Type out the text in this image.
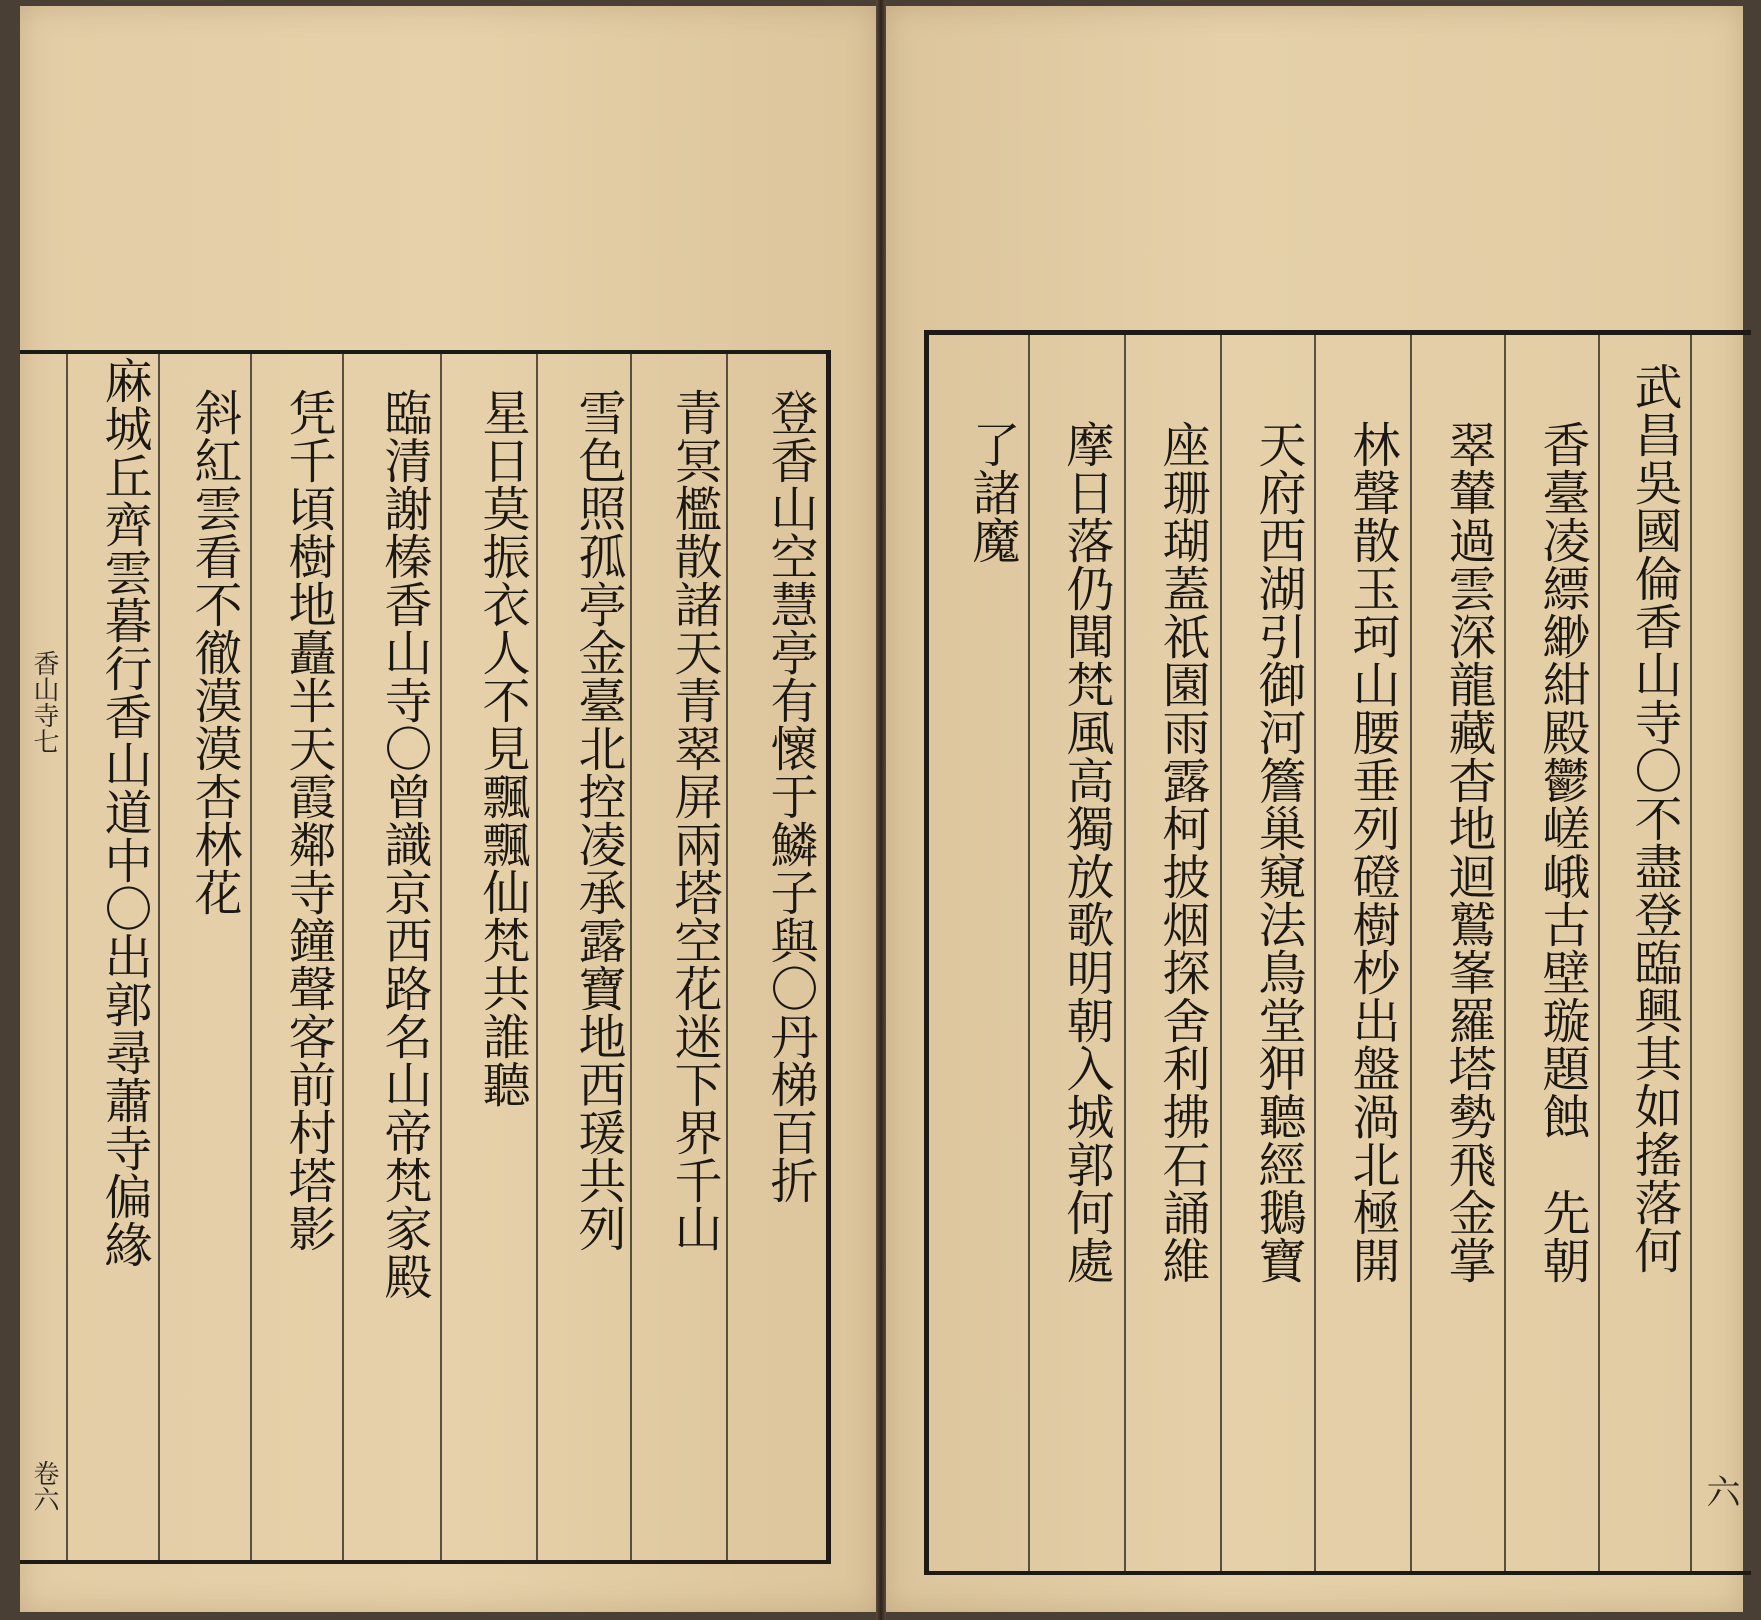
登香山空慧亭有懷于鱗子與〇丹梯百折
青冥檻散諸天青翠屏兩塔空花迷下界千山
雪色照孤亭金臺北控凌承露寶地西瑗共列
星日莫振衣人不見飄飄仙梵共誰聽
臨清謝榛香山寺〇曾識京西路名山帝梵家殿
凭千頃樹地矗半天霞鄰寺鐘聲客前村塔影
斜紅雲看不徹漠漠杏林花
麻城丘齊雲暮行香山道中〇出郭尋蕭寺偏緣
香山寺七
卷六
武昌吳國倫香山寺〇不盡登臨興其如搖落何
香臺凌縹緲紺殿鬱嵯峨古壁璇題蝕　先朝
翠輦過雲深龍藏杳地迴鷲峯羅塔勢飛金掌
林聲散玉珂山腰垂列磴樹杪出盤渦北極開
天府西湖引御河簷巢窺法鳥堂狎聽經鵝寶
座珊瑚蓋祇園雨露柯披烟探舍利拂石誦維
摩日落仍聞梵風高獨放歌明朝入城郭何處
了諸魔
六
